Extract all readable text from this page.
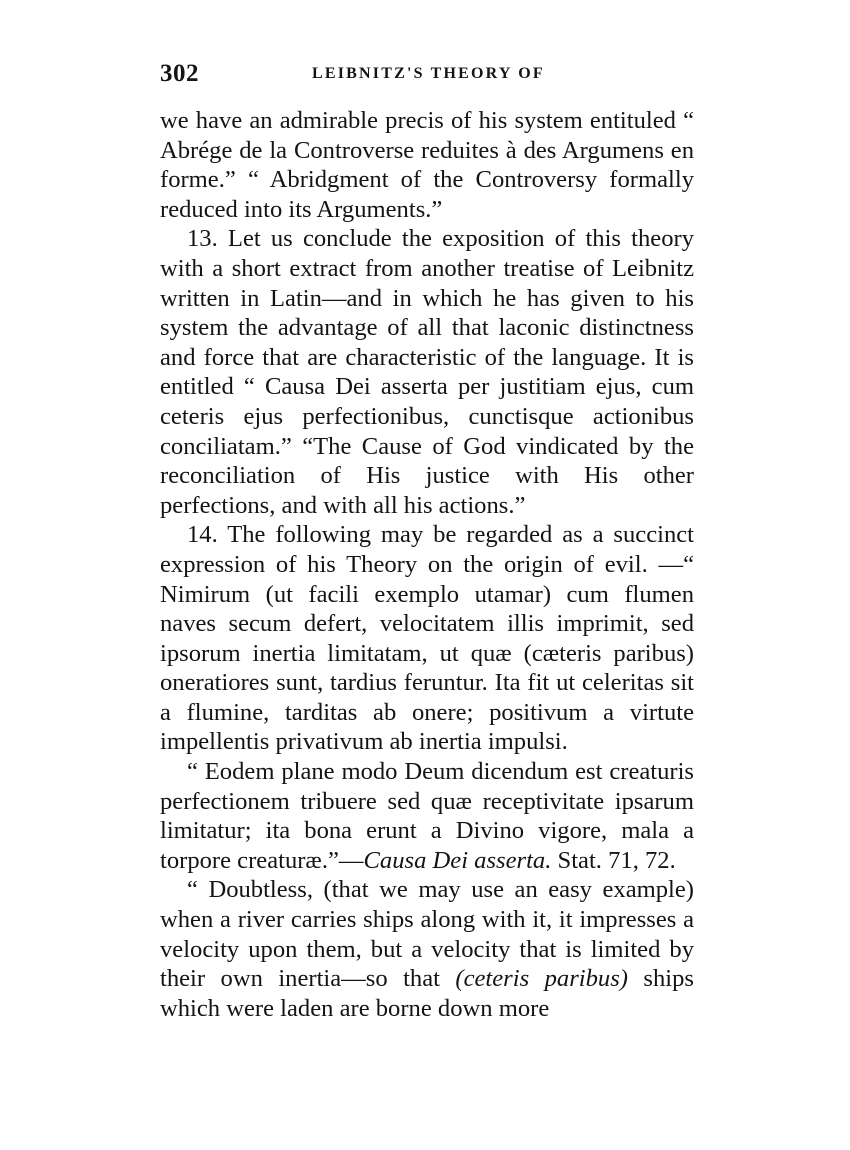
302	LEIBNITZ'S THEORY OF

we have an admirable precis of his system entituled “ Abrége de la Controverse reduites à des Argumens en forme.” “ Abridgment of the Controversy formally reduced into its Arguments.”

13. Let us conclude the exposition of this theory with a short extract from another treatise of Leibnitz written in Latin—and in which he has given to his system the advantage of all that laconic distinctness and force that are characteristic of the language. It is entitled “ Causa Dei asserta per justitiam ejus, cum ceteris ejus perfectionibus, cunctisque actionibus conciliatam.” “The Cause of God vindicated by the reconciliation of His justice with His other perfections, and with all his actions.”

14. The following may be regarded as a succinct expression of his Theory on the origin of evil. —“ Nimirum (ut facili exemplo utamar) cum flumen naves secum defert, velocitatem illis imprimit, sed ipsorum inertia limitatam, ut quæ (cæteris paribus) oneratiores sunt, tardius feruntur. Ita fit ut celeritas sit a flumine, tarditas ab onere; positivum a virtute impellentis privativum ab inertia impulsi.

“ Eodem plane modo Deum dicendum est creaturis perfectionem tribuere sed quæ receptivitate ipsarum limitatur; ita bona erunt a Divino vigore, mala a torpore creaturæ.”—Causa Dei asserta. Stat. 71, 72.

“ Doubtless, (that we may use an easy example) when a river carries ships along with it, it impresses a velocity upon them, but a velocity that is limited by their own inertia—so that (ceteris paribus) ships which were laden are borne down more
